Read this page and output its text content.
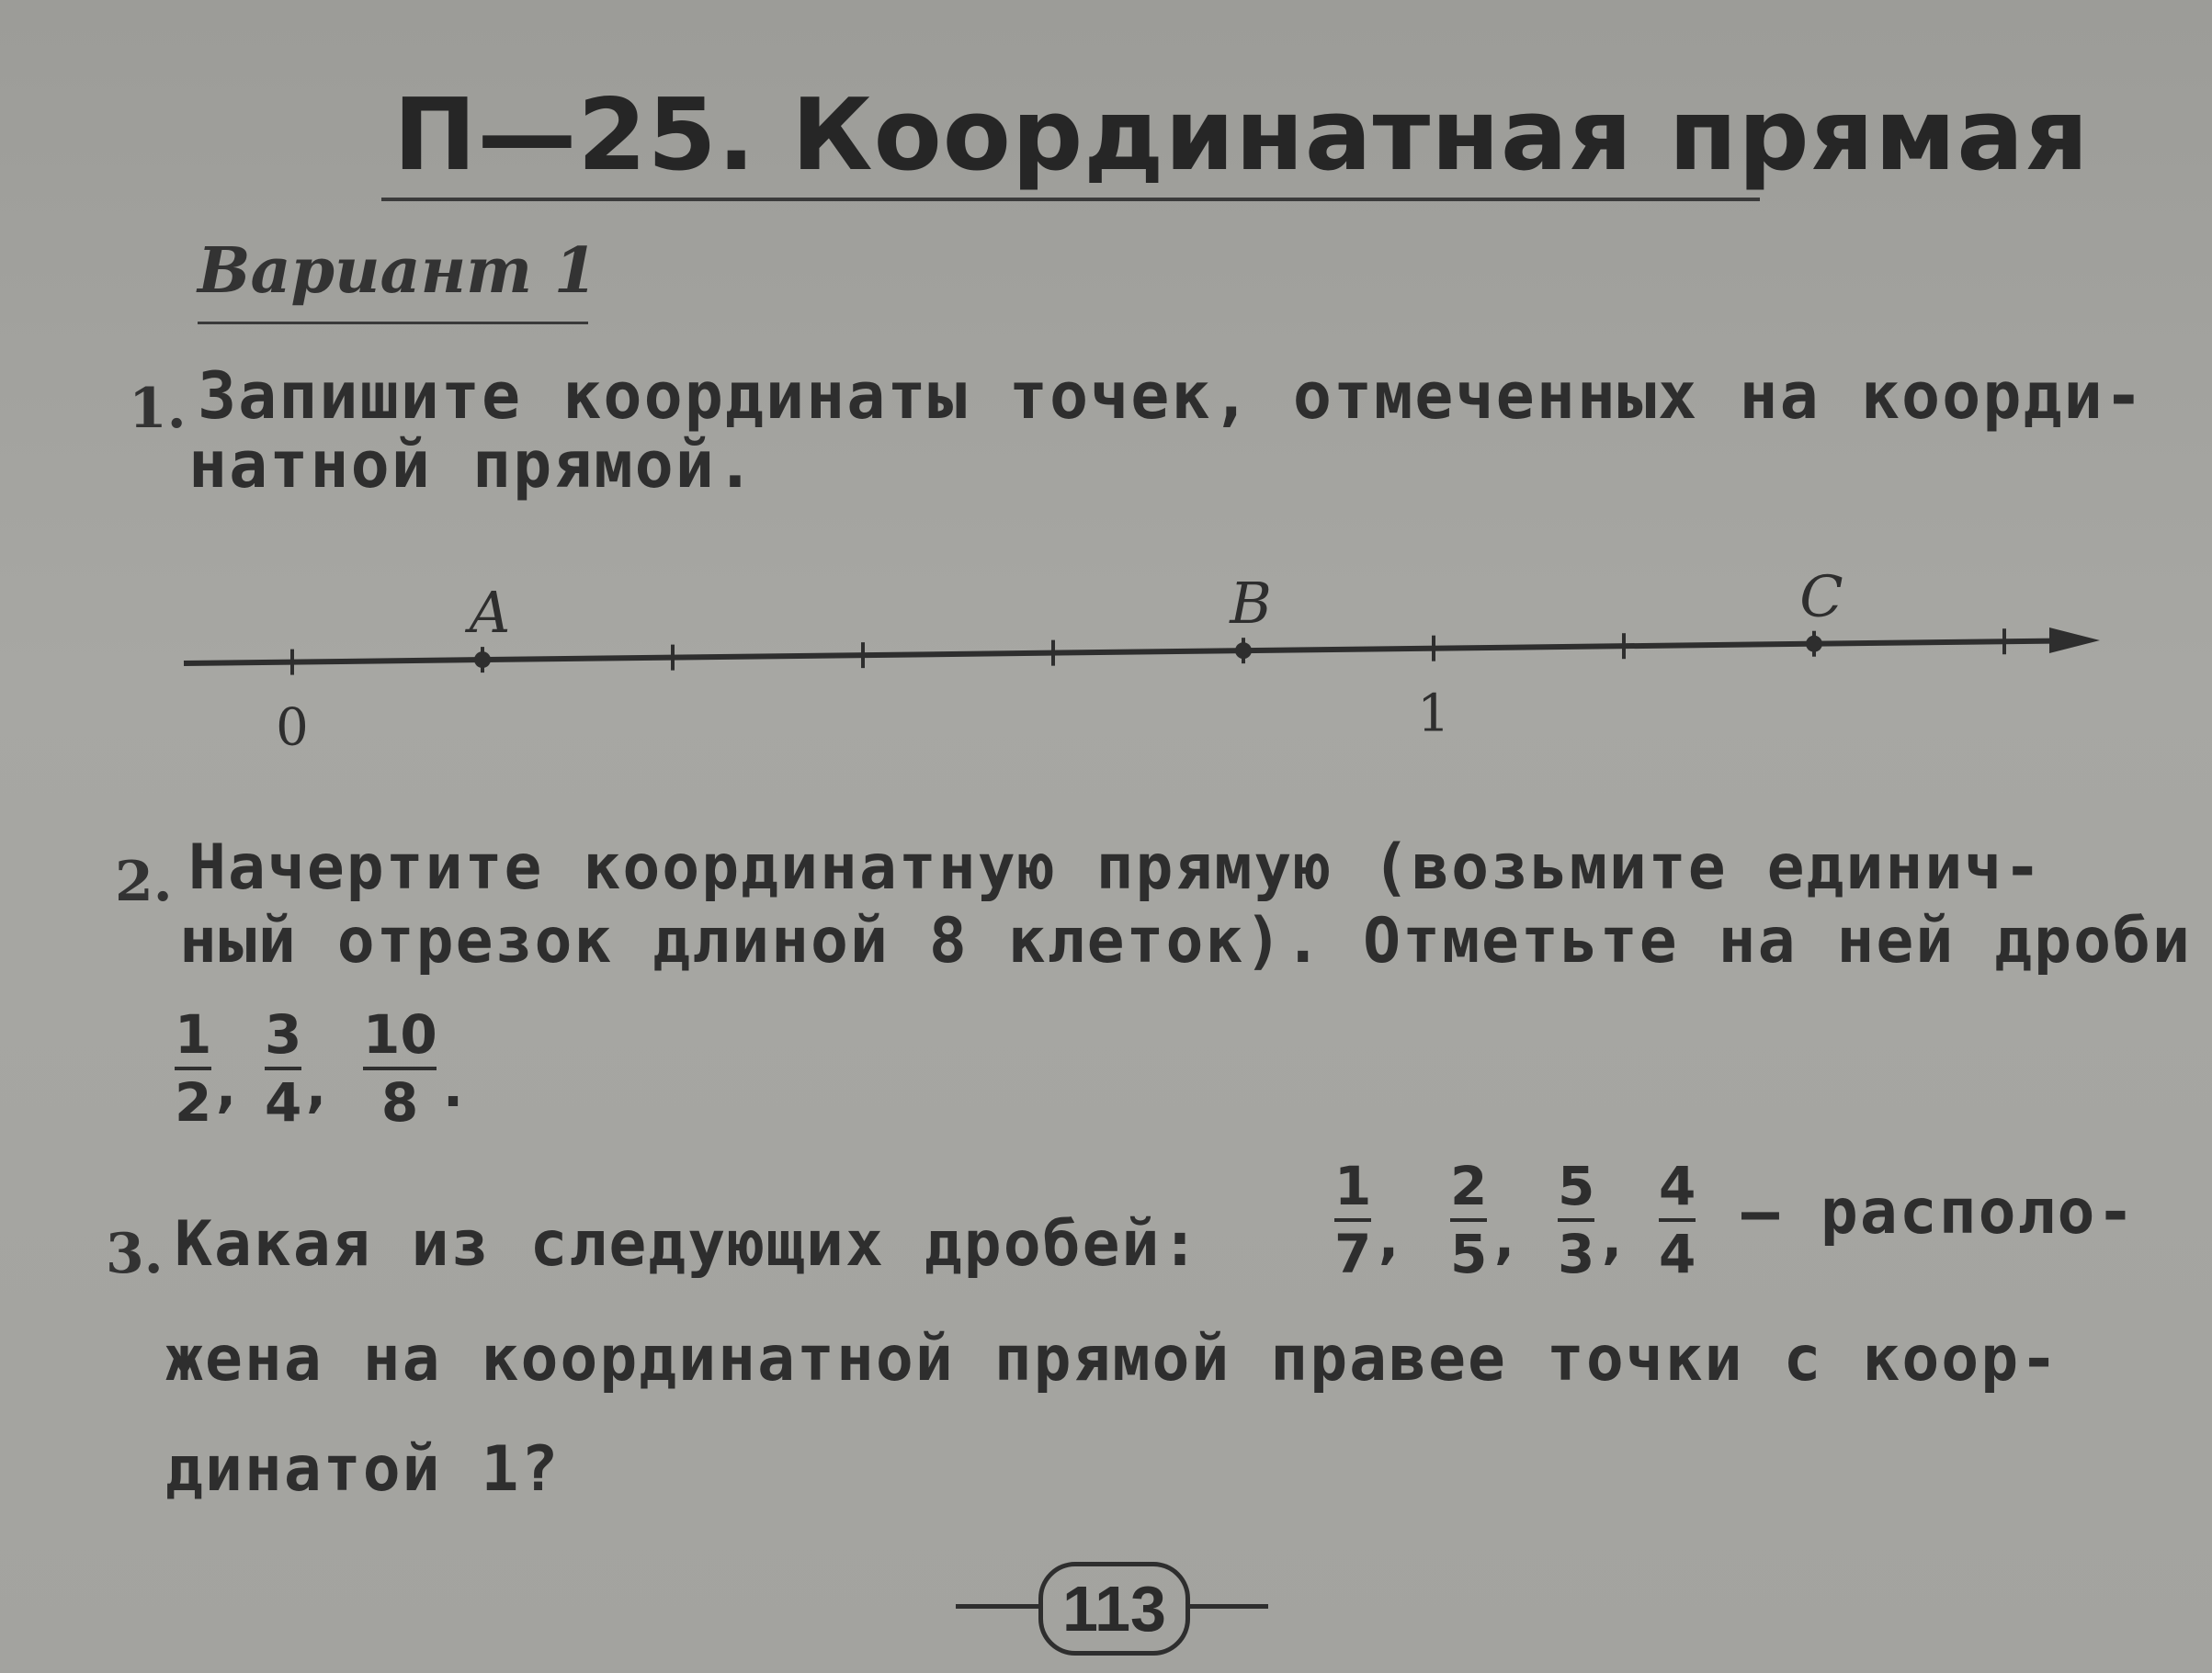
П—25. Координатная прямая
Вариант 1
1. Запишите координаты точек, отмеченных на коорди-
натной прямой.
A	B	C
0	1
2. Начертите координатную прямую (возьмите единич-
ный отрезок длиной 8 клеток). Отметьте на ней дроби
1
2 ,
3
4 ,
10
8 .
3. Какая из следующих дробей:
1
7 ,
2
5 ,
5
3 ,
4
4
— располо-
жена на координатной прямой правее точки с коор-
динатой 1?
113
